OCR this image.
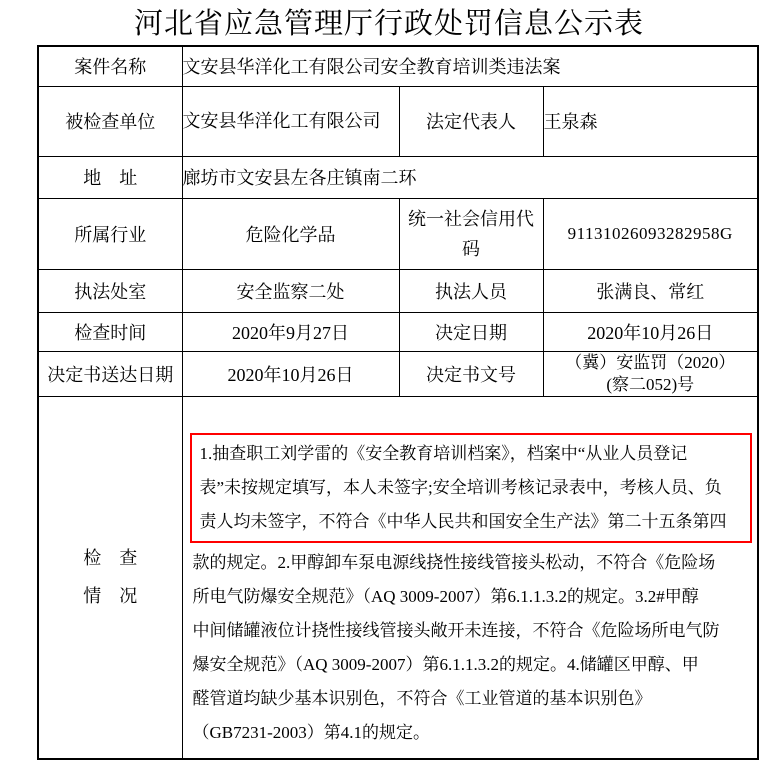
河北省应急管理厅行政处罚信息公示表
案件名称	文安县华洋化工有限公司安全教育培训类违法案		
被检查单位	文安县华洋化工有限公司	法定代表人	王泉森
地　址	廊坊市文安县左各庄镇南二环		
所属行业	危险化学品	统一社会信用代码	91131026093282958G
执法处室	安全监察二处	执法人员	张满良、常红
检查时间	2020年9月27日	决定日期	2020年10月26日
决定书送达日期	2020年10月26日	决定书文号	（冀）安监罚（2020）
(察二052)号

检　查
情　况

1.抽查职工刘学雷的《安全教育培训档案》，档案中“从业人员登记
表”未按规定填写，本人未签字;安全培训考核记录表中，考核人员、负
责人均未签字，不符合《中华人民共和国安全生产法》第二十五条第四
款的规定。2.甲醇卸车泵电源线挠性接线管接头松动，不符合《危险场
所电气防爆安全规范》（AQ 3009-2007）第6.1.1.3.2的规定。3.2#甲醇
中间储罐液位计挠性接线管接头敞开未连接，不符合《危险场所电气防
爆安全规范》（AQ 3009-2007）第6.1.1.3.2的规定。4.储罐区甲醇、甲
醛管道均缺少基本识别色，不符合《工业管道的基本识别色》
（GB7231-2003）第4.1的规定。
